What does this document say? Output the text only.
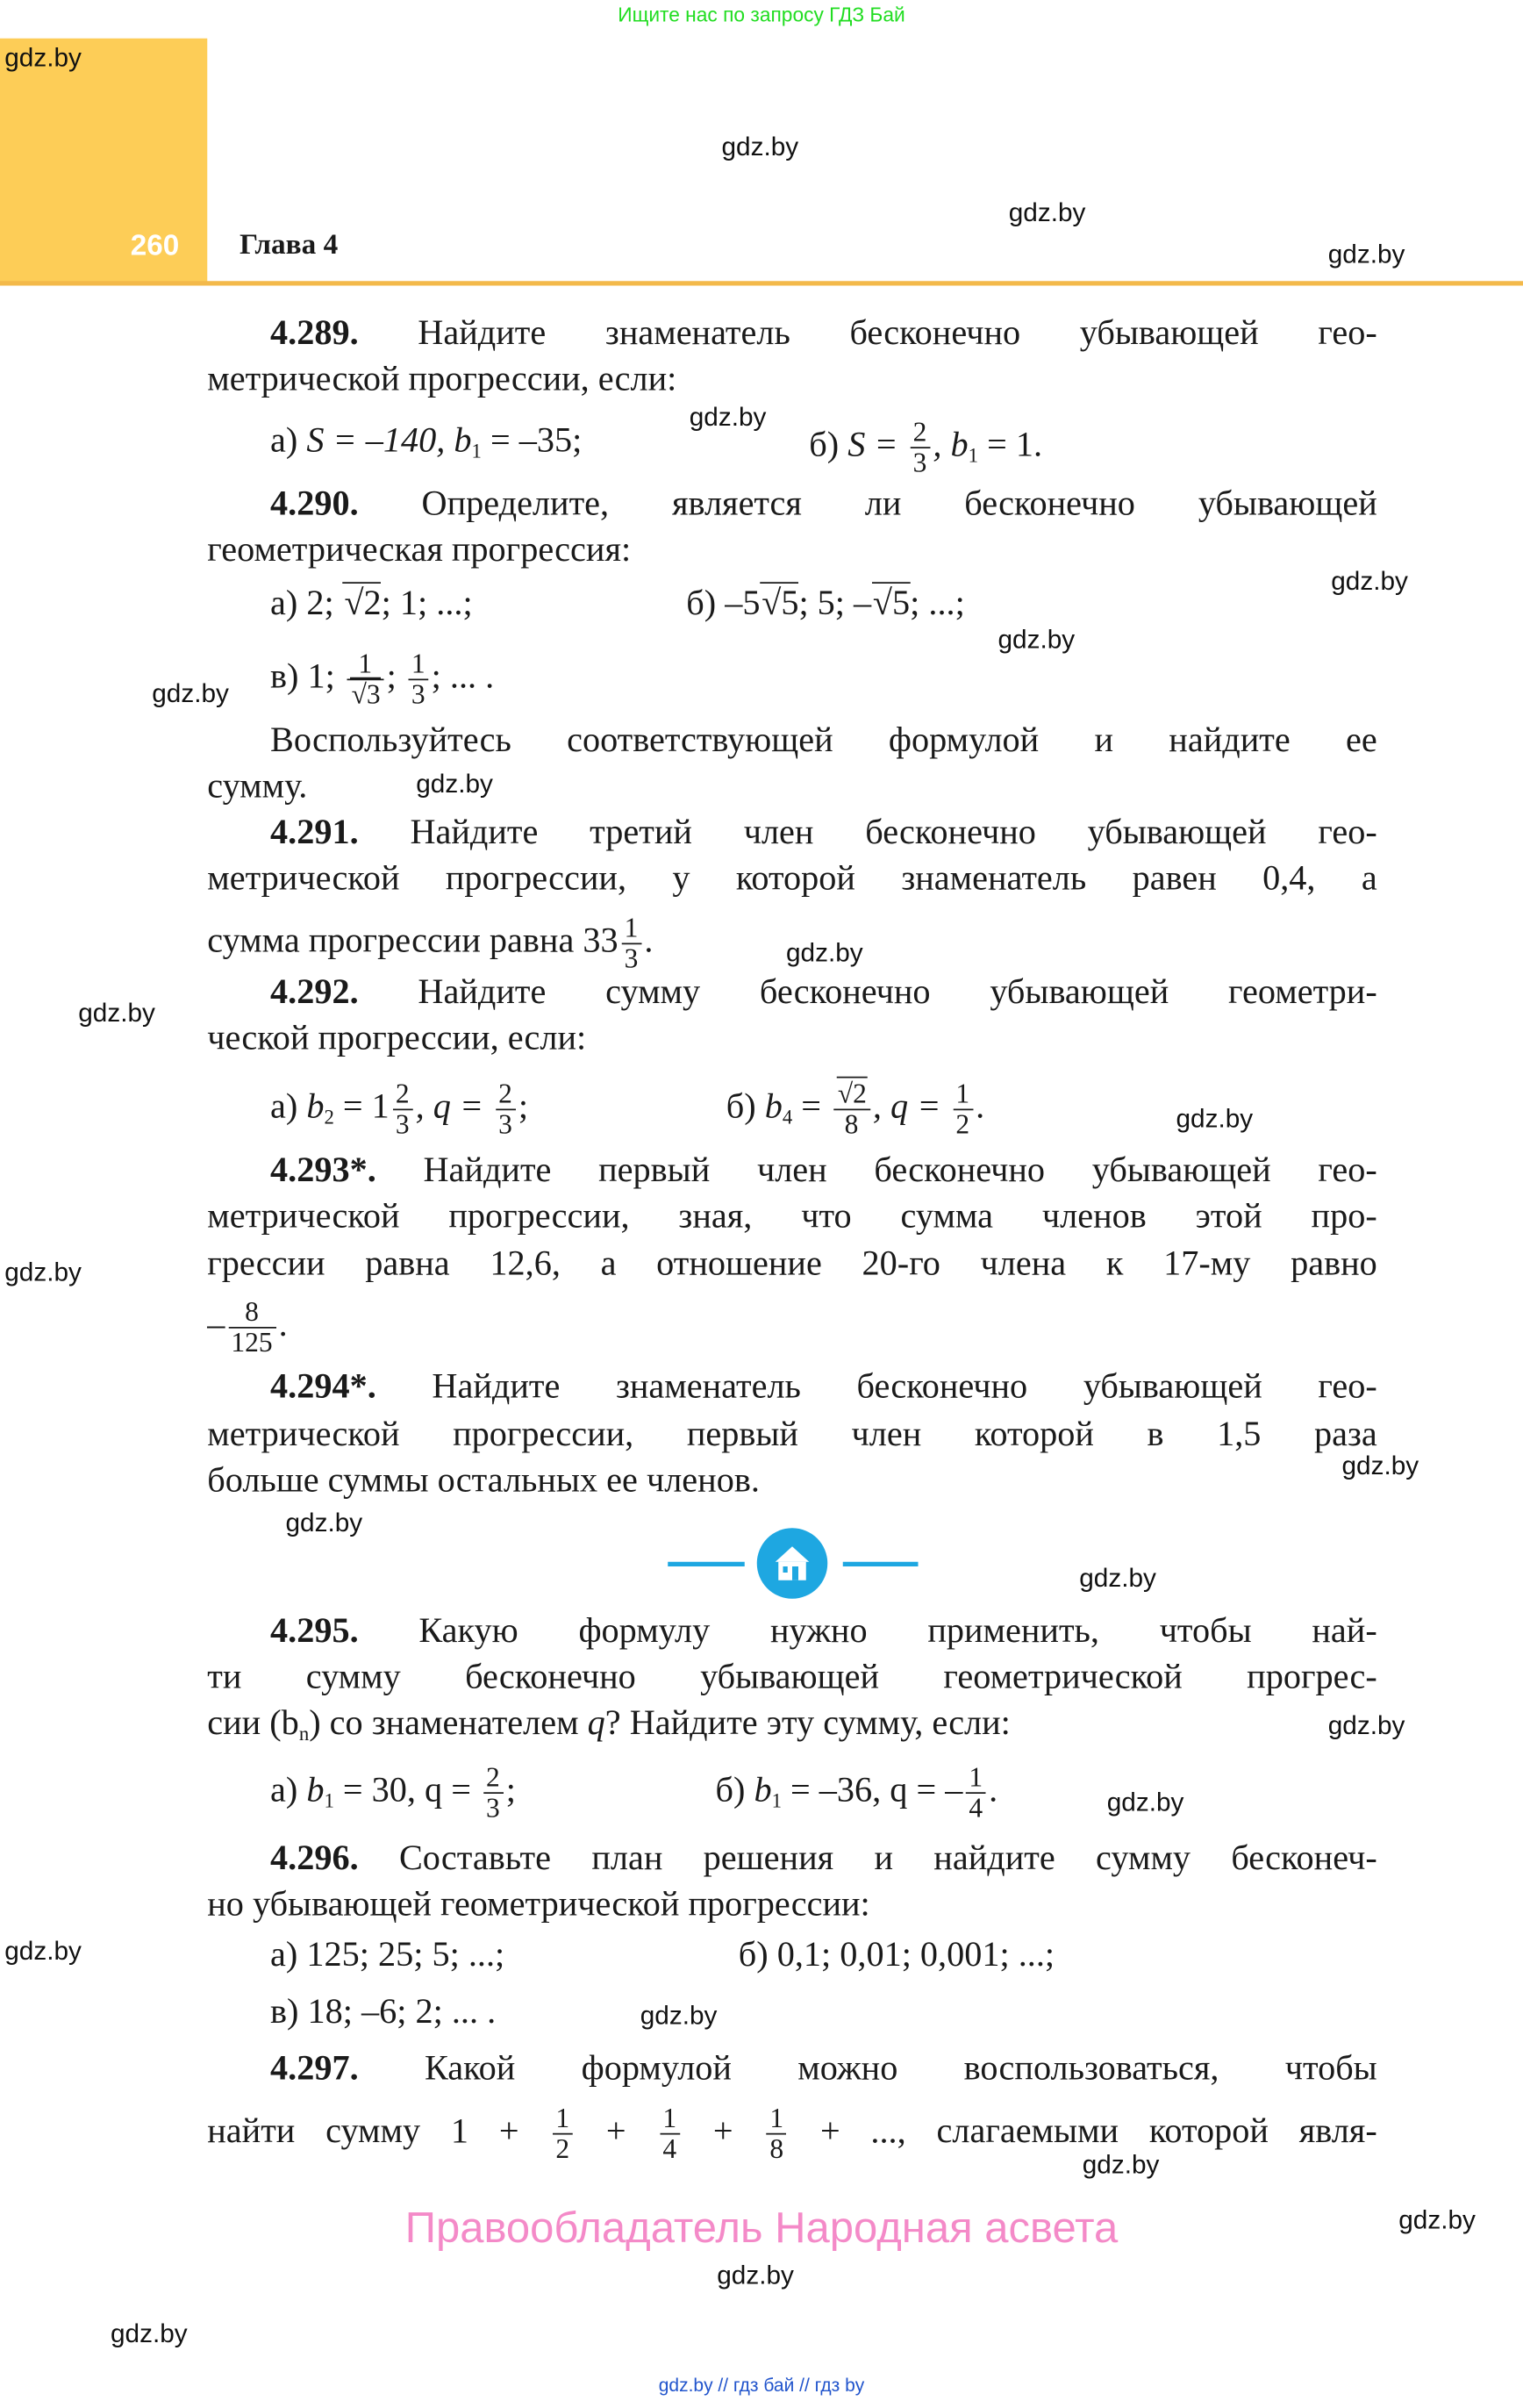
Ищите нас по запросу ГДЗ Бай
260	Глава 4
gdz.by
gdz.by
gdz.by
gdz.by
gdz.by
gdz.by
gdz.by
gdz.by
gdz.by
gdz.by
gdz.by
gdz.by
gdz.by
gdz.by
gdz.by
gdz.by
gdz.by
gdz.by
gdz.by
gdz.by
gdz.by
gdz.by
gdz.by
gdz.by
4.289.	Найдите знаменатель бесконечно убывающей гео-
метрической прогрессии, если:
а) S = –140, $b_1 = -35$;	б) $S = \frac{2}{3}$ , $b_1 = 1$.
4.290.	Определите, является ли бесконечно убывающей
геометрическая прогрессия:
а) 2; √ 2; 1; ...;	б) –5 √ 5; 5; – √ 5; ...;
в) 1; 1
√ 3 ; $\frac{1}{3}$ ; ... .
Воспользуйтесь соответствующей формулой и найдите ее
сумму.
4.291.	Найдите третий член бесконечно убывающей гео-
метрической прогрессии, у которой знаменатель равен 0,4, а
сумма прогрессии равна $33 \frac{1}{3}$ .
4.292.	Найдите сумму бесконечно убывающей геометри-
ческой прогрессии, если:
а) $b_2 = 1 \frac{2}{3}$ , $q = \frac{2}{3}$ ;	б) $b_4$ = √ $\frac{2}{8}$ , $q = \frac{1}{2}$ .
4.293*. Найдите первый член бесконечно убывающей гео-
метрической прогрессии, зная, что сумма членов этой про-
грессии равна 12,6, а отношение 20-го члена к 17-му равно
– $\frac{8}{125}$ .
4.294*.	Найдите знаменатель бесконечно убывающей гео-
метрической прогрессии, первый член которой в 1,5 раза
больше суммы остальных ее членов.
4.295.	Какую формулу нужно применить, чтобы най-
ти сумму бесконечно убывающей геометрической прогрес-
сии $(b_n)$ со знаменателем q? Найдите эту сумму, если:
а) $b_1 = 30$, $q = \frac{2}{3}$ ;	б) $b_1 = -36$, q = – $\frac{1}{4}$ .
4.296. Составьте план решения и найдите сумму бесконеч-
но убывающей геометрической прогрессии:
а) 125; 25; 5; ...;	б) 0,1; 0,01; 0,001; ...;
в) 18; –6; 2; ... .
4.297.	Какой формулой можно воспользоваться, чтобы
найти сумму $1 + \frac{1}{2} + \frac{1}{4} + \frac{1}{8}$ + ..., слагаемыми которой явля-
Правообладатель Народная асвета
gdz.by // гдз бай // гдз by
